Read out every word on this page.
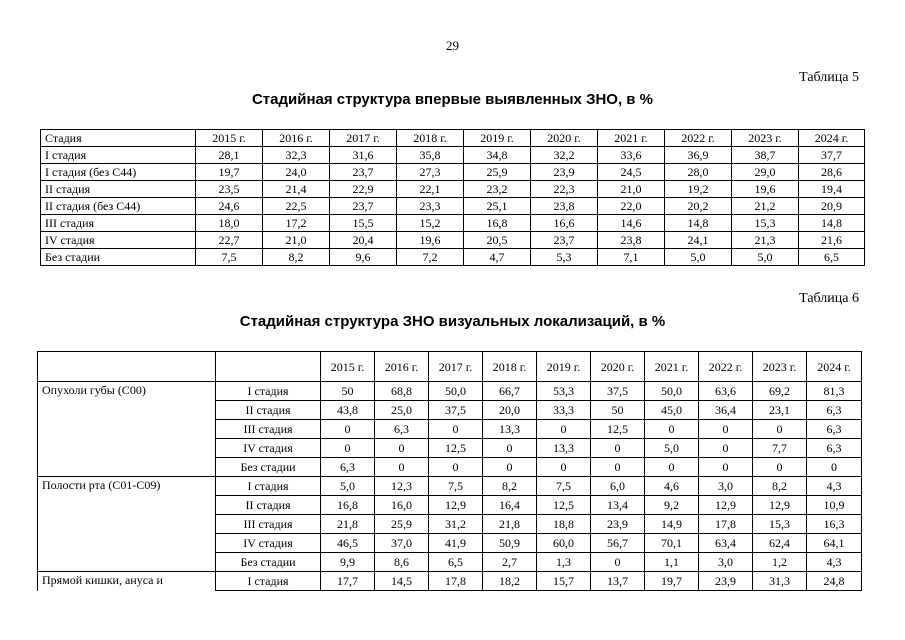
29
Таблица 5
Стадийная структура впервые выявленных ЗНО, в %
Стадия	2015 г.	2016 г.	2017 г.	2018 г.	2019 г.	2020 г.	2021 г.	2022 г.	2023 г.	2024 г.
I стадия	28,1	32,3	31,6	35,8	34,8	32,2	33,6	36,9	38,7	37,7
I стадия (без С44)	19,7	24,0	23,7	27,3	25,9	23,9	24,5	28,0	29,0	28,6
II стадия	23,5	21,4	22,9	22,1	23,2	22,3	21,0	19,2	19,6	19,4
II стадия (без С44)	24,6	22,5	23,7	23,3	25,1	23,8	22,0	20,2	21,2	20,9
III стадия	18,0	17,2	15,5	15,2	16,8	16,6	14,6	14,8	15,3	14,8
IV стадия	22,7	21,0	20,4	19,6	20,5	23,7	23,8	24,1	21,3	21,6
Без стадии	7,5	8,2	9,6	7,2	4,7	5,3	7,1	5,0	5,0	6,5
Таблица 6
Стадийная структура ЗНО визуальных локализаций, в %
		2015 г.	2016 г.	2017 г.	2018 г.	2019 г.	2020 г.	2021 г.	2022 г.	2023 г.	2024 г.
Опухоли губы (С00)	I стадия	50	68,8	50,0	66,7	53,3	37,5	50,0	63,6	69,2	81,3
	II стадия	43,8	25,0	37,5	20,0	33,3	50	45,0	36,4	23,1	6,3
	III стадия	0	6,3	0	13,3	0	12,5	0	0	0	6,3
	IV стадия	0	0	12,5	0	13,3	0	5,0	0	7,7	6,3
	Без стадии	6,3	0	0	0	0	0	0	0	0	0
Полости рта (С01-С09)	I стадия	5,0	12,3	7,5	8,2	7,5	6,0	4,6	3,0	8,2	4,3
	II стадия	16,8	16,0	12,9	16,4	12,5	13,4	9,2	12,9	12,9	10,9
	III стадия	21,8	25,9	31,2	21,8	18,8	23,9	14,9	17,8	15,3	16,3
	IV стадия	46,5	37,0	41,9	50,9	60,0	56,7	70,1	63,4	62,4	64,1
	Без стадии	9,9	8,6	6,5	2,7	1,3	0	1,1	3,0	1,2	4,3
Прямой кишки, ануса и	I стадия	17,7	14,5	17,8	18,2	15,7	13,7	19,7	23,9	31,3	24,8
